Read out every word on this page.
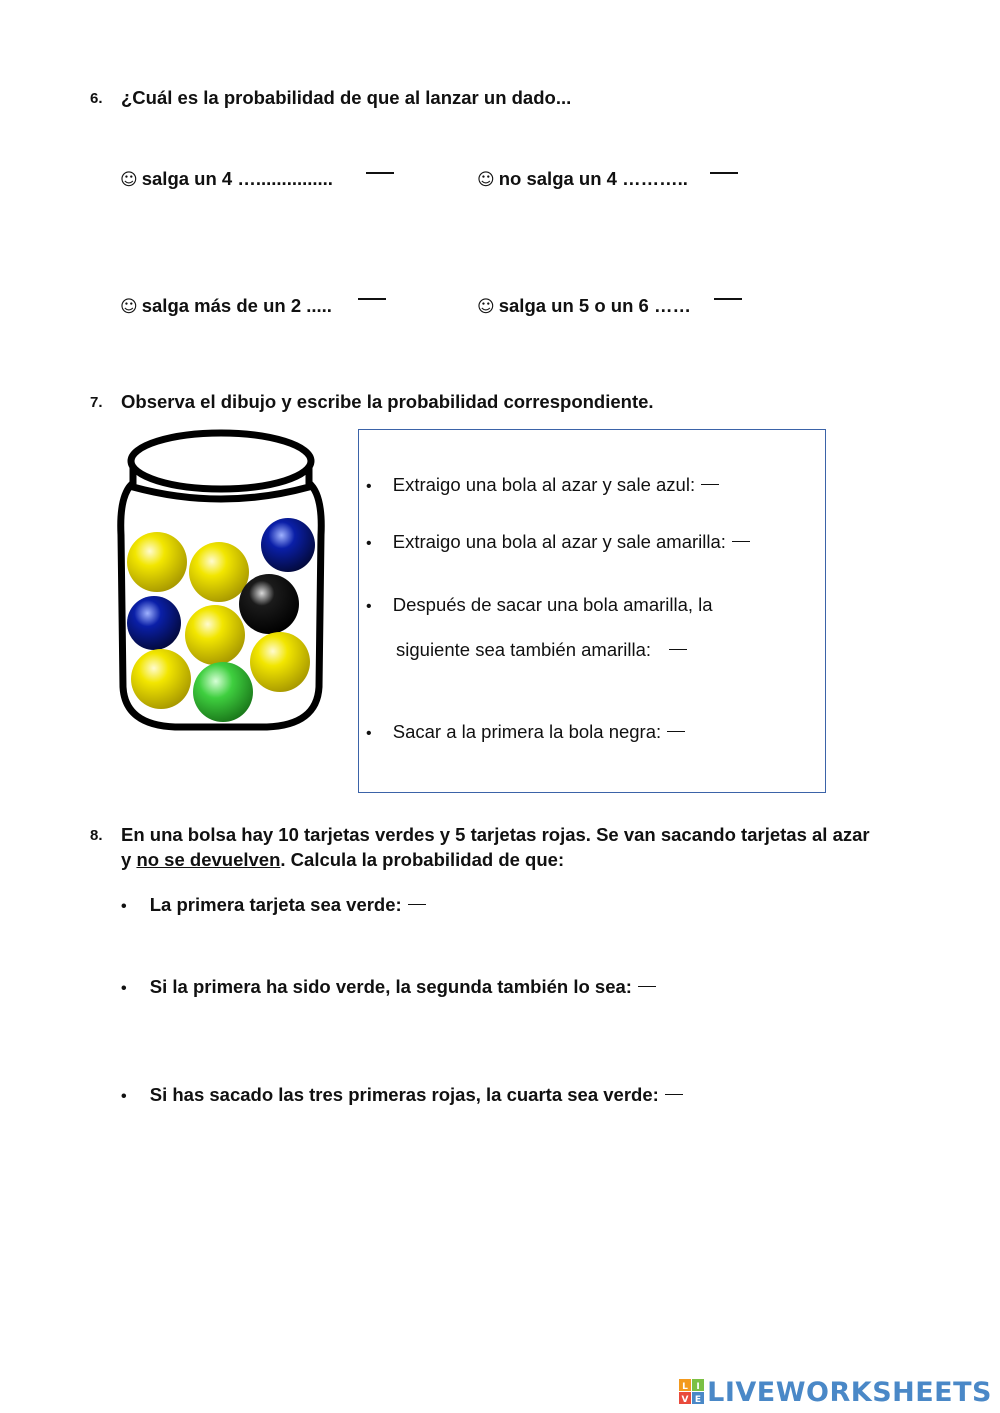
6. ¿Cuál es la probabilidad de que al lanzar un dado...
☺ salga un 4 …...............	☺ no salga un 4 ………..
☺ salga más de un 2 .....	☺ salga un 5 o un 6 ……
7. Observa el dibujo y escribe la probabilidad correspondiente.
• Extraigo una bola al azar y sale azul:
• Extraigo una bola al azar y sale amarilla:
• Después de sacar una bola amarilla, la
siguiente sea también amarilla:
• Sacar a la primera la bola negra:
8. En una bolsa hay 10 tarjetas verdes y 5 tarjetas rojas. Se van sacando tarjetas al azar
y no se devuelven. Calcula la probabilidad de que:
• La primera tarjeta sea verde:
• Si la primera ha sido verde, la segunda también lo sea:
• Si has sacado las tres primeras rojas, la cuarta sea verde:
L I
V E LIVEWORKSHEETS
